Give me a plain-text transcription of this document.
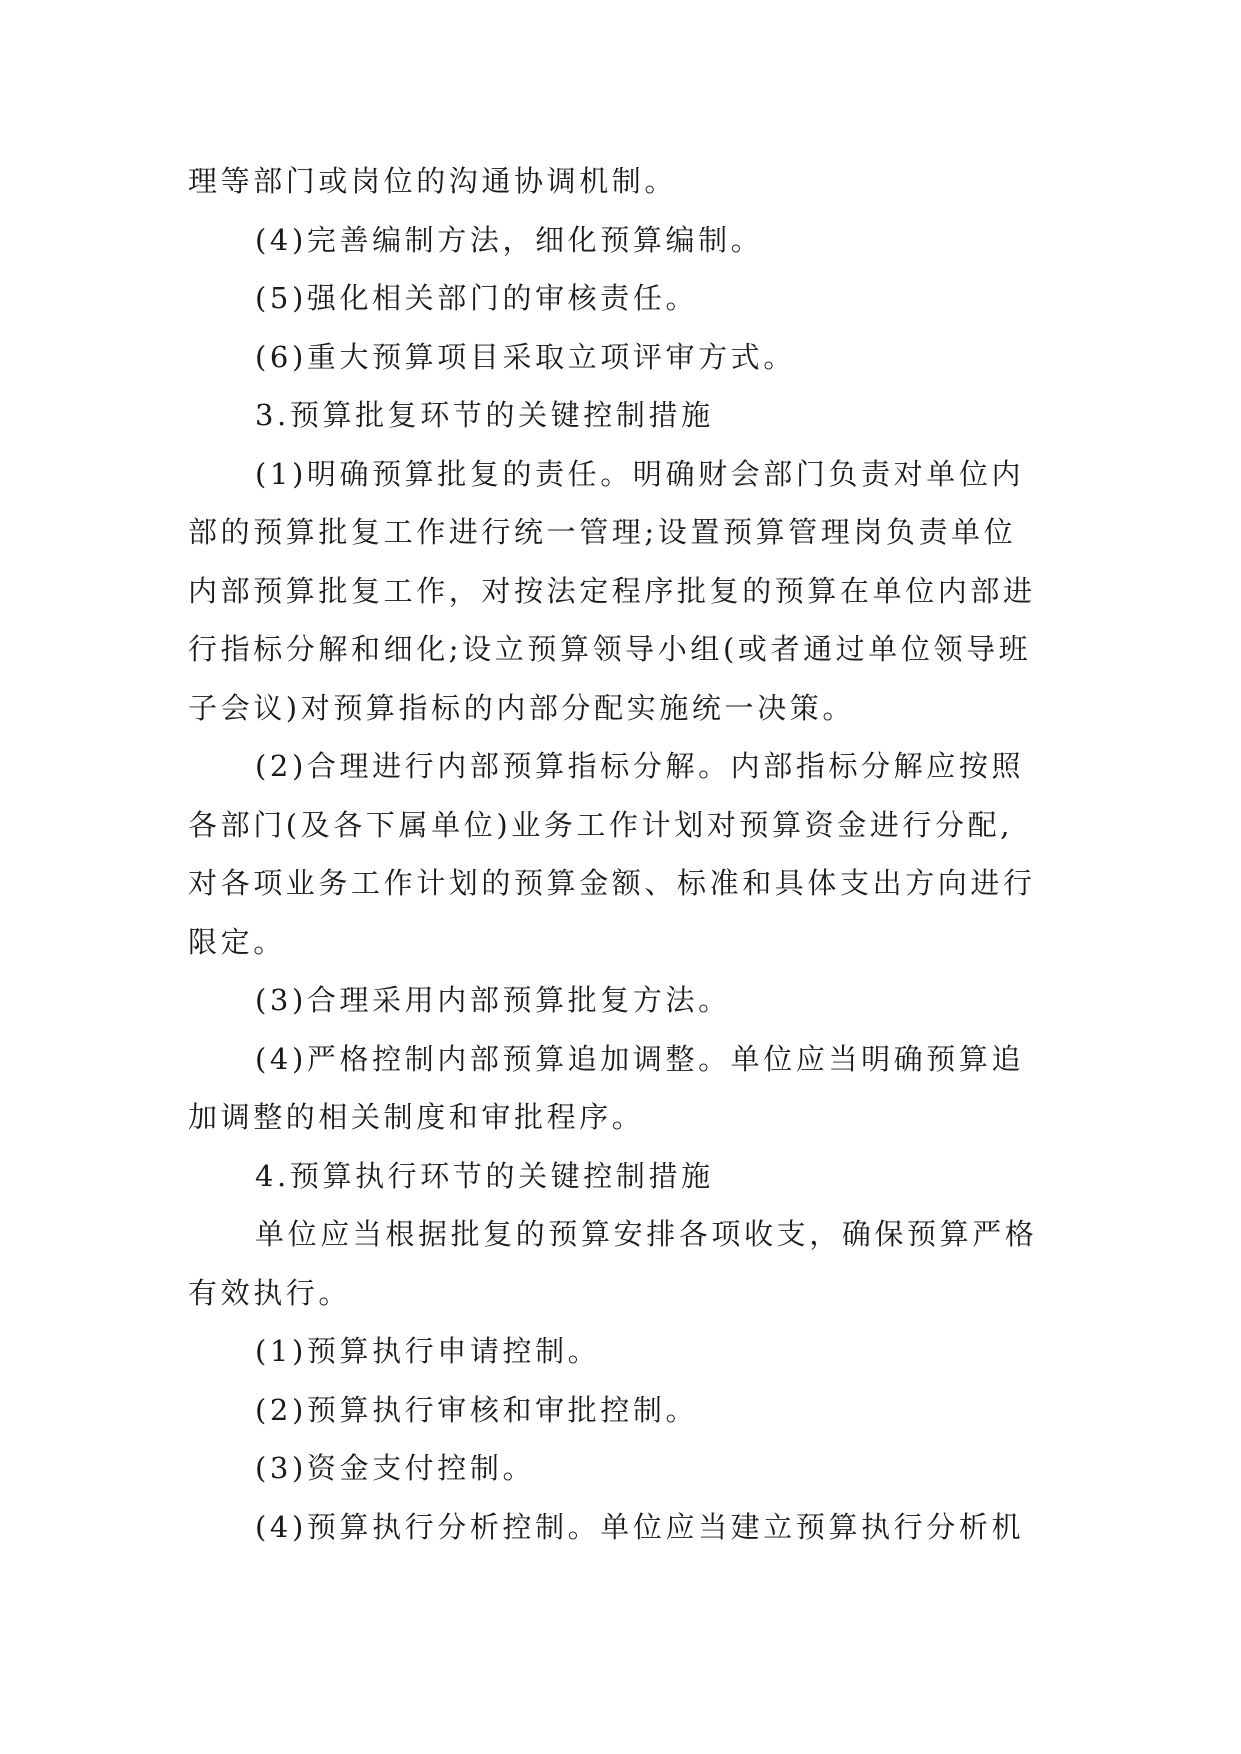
理等部门或岗位的沟通协调机制。
(4)完善编制方法，细化预算编制。
(5)强化相关部门的审核责任。
(6)重大预算项目采取立项评审方式。
3.预算批复环节的关键控制措施
(1)明确预算批复的责任。明确财会部门负责对单位内
部的预算批复工作进行统一管理;设置预算管理岗负责单位
内部预算批复工作，对按法定程序批复的预算在单位内部进
行指标分解和细化;设立预算领导小组(或者通过单位领导班
子会议)对预算指标的内部分配实施统一决策。
(2)合理进行内部预算指标分解。内部指标分解应按照
各部门(及各下属单位)业务工作计划对预算资金进行分配,
对各项业务工作计划的预算金额、标准和具体支出方向进行
限定。
(3)合理采用内部预算批复方法。
(4)严格控制内部预算追加调整。单位应当明确预算追
加调整的相关制度和审批程序。
4.预算执行环节的关键控制措施
单位应当根据批复的预算安排各项收支，确保预算严格
有效执行。
(1)预算执行申请控制。
(2)预算执行审核和审批控制。
(3)资金支付控制。
(4)预算执行分析控制。单位应当建立预算执行分析机
